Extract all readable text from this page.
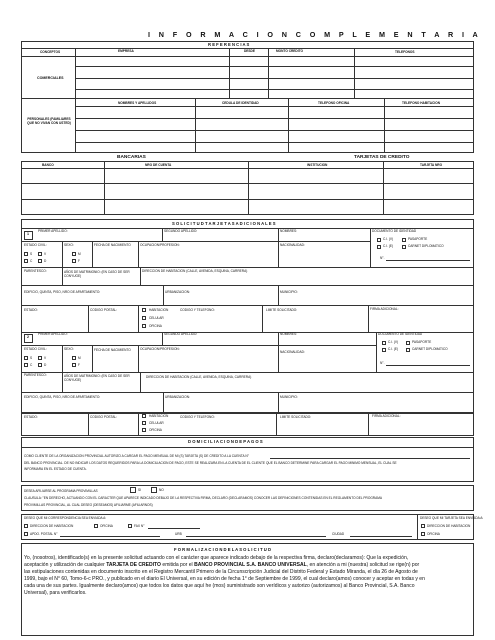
I N F O R M A C I O N C O M P L E M E N T A R I A
R E F E R E N C I A S
CONCEPTOS	EMPRESA	DESDE	MONTO CREDITO	TELEFONOS
COMERCIALES
NOMBRES Y APELLIDOS	CEDULA DE IDENTIDAD	TELEFONO OFICINA	TELEFONO HABITACION
PERSONALES (FAMILIARES QUE NO VIVAN CON USTED)
BANCARIAS	TARJETAS DE CREDITO
BANCO	NRO DE CUENTA	INSTITUCION	TARJETA NRO
S O L I C I T U D T A R J E T A S A D I C I O N A L E S
1
PRIMER APELLIDO:	SEGUNDO APELLIDO:	NOMBRES:	DOCUMENTO DE IDENTIDAD
C.I. (V)	PASAPORTE
C.I. (E)	CARNET DIPLOMATICO
N°.
ESTADO CIVIL:	SEXO:	FECHA DE NACIMIENTO	OCUPACION/PROFESION:	NACIONALIDAD:
S	V
C	D
M
F
PARENTESCO:	AÑOS DE MATRIMONIO: (EN CASO DE SER CONYUGE)
DIRECCION DE HABITACION (CALLE, AVENIDA, ESQUINA, CARRERA)
EDIFICIO, QUINTA, PISO, NRO DE APARTAMENTO:	URBANIZACION:	MUNICIPIO:
ESTADO:	CODIGO POSTAL:	HABITACION	CODIGO Y TELEFONO:
CELULAR
OFICINA
LIMITE SOLICITADO:	FIRMA ADICIONAL:
2
PRIMER APELLIDO:	SEGUNDO APELLIDO:	NOMBRES:	DOCUMENTO DE IDENTIDAD
C.I. (V)	PASAPORTE
C.I. (E)	CARNET DIPLOMATICO
N°.
ESTADO CIVIL:	SEXO:	FECHA DE NACIMIENTO	OCUPACION/PROFESION:
NACIONALIDAD:
S	V
C	D
M
F
PARENTESCO:	AÑOS DE MATRIMONIO: (EN CASO DE SER CONYUGE)
DIRECCION DE HABITACION (CALLE, AVENIDA, ESQUINA, CARRERA)
EDIFICIO, QUINTA, PISO, NRO DE APARTAMENTO:	URBANIZACION:	MUNICIPIO:
ESTADO:	CODIGO POSTAL:	HABITACION	CODIGO Y TELEFONO:
CELULAR
OFICINA
LIMITE SOLICITADO:	FIRMA ADICIONAL:
D O M I C I L I A C I O N D E P A G O S
COMO CLIENTE DE LA ORGANIZACION PROVINCIAL AUTORIZO A CARGAR EL PAGO MENSUAL DE MI (S) TARJETA (S) DE CREDITO A LA CUENTA N°
DEL BANCO PROVINCIAL. DE NO INDICAR LOS DATOS REQUERIDOS PARA LA DOMICILIACION DE PAGO, ESTE SE REALIZARA EN LA CUENTA DE EL CLIENTE QUE EL BANCO DETERMINE PARA CARGAR EL PAGO MINIMO MENSUAL, EL CUAL SE
INFORMARA EN EL ESTADO DE CUENTA.
DESEA AFILIARSE AL PROGRAMA PROVIMILLAS	SI	NO
CLAUSULA: "EN DERECHO, ACTUANDO CON EL CARACTER QUE APARECE INDICADO DEBAJO DE LA RESPECTIVA FIRMA, DECLARO (DECLARAMOS) CONOCER LAS DEFINICIONES CONTENIDAS EN EL REGLAMENTO DEL PROGRAMA
PROVIMILLAS PROVINCIAL, AL CUAL DESEO (DESEAMOS) AFILIARME (AFILIARNOS)
DESEO QUE MI CORRESPONDENCIA SEA ENVIADA A:
DIRECCION DE HABITACION	OFICINA	FAX N°
APDO. POSTAL N°	URB	CIUDAD
DESEO QUE MI TARJETA SEA ENVIADA A:
DIRECCION DE HABITACION
OFICINA
F O R M A L I Z A C I O N D E L A S O L I C I T U D
Yo, (nosotros), identificado(s) en la presente solicitud actuando con el carácter que aparece indicado debajo de la respectiva firma, declaro(declaramos): Que la expedición,
aceptación y utilización de cualquier TARJETA DE CREDITO emitida por el BANCO PROVINCIAL S.A. BANCO UNIVERSAL, en atención a mi (nuestra) solicitud se rige(n) por
las estipulaciones contenidas en documento inscrito en el Registro Mercantil Primero de la Circunscripción Judicial del Distrito Federal y Estado Miranda, el día 26 de Agosto de
1999, bajo el N° 60, Tomo-6-c PRO., y publicado en el diario El Universal, en su edición de fecha 1° de Septiembre de 1999, el cual declaro(amos) conocer y aceptar en todas y en
cada una de sus partes. Igualmente declaro(amos) que todos los datos que aquí he (mos) suministrado son verídicos y autorizo (autorizamos) al Banco Provincial, S.A. Banco
Universal), para verificarlos.
